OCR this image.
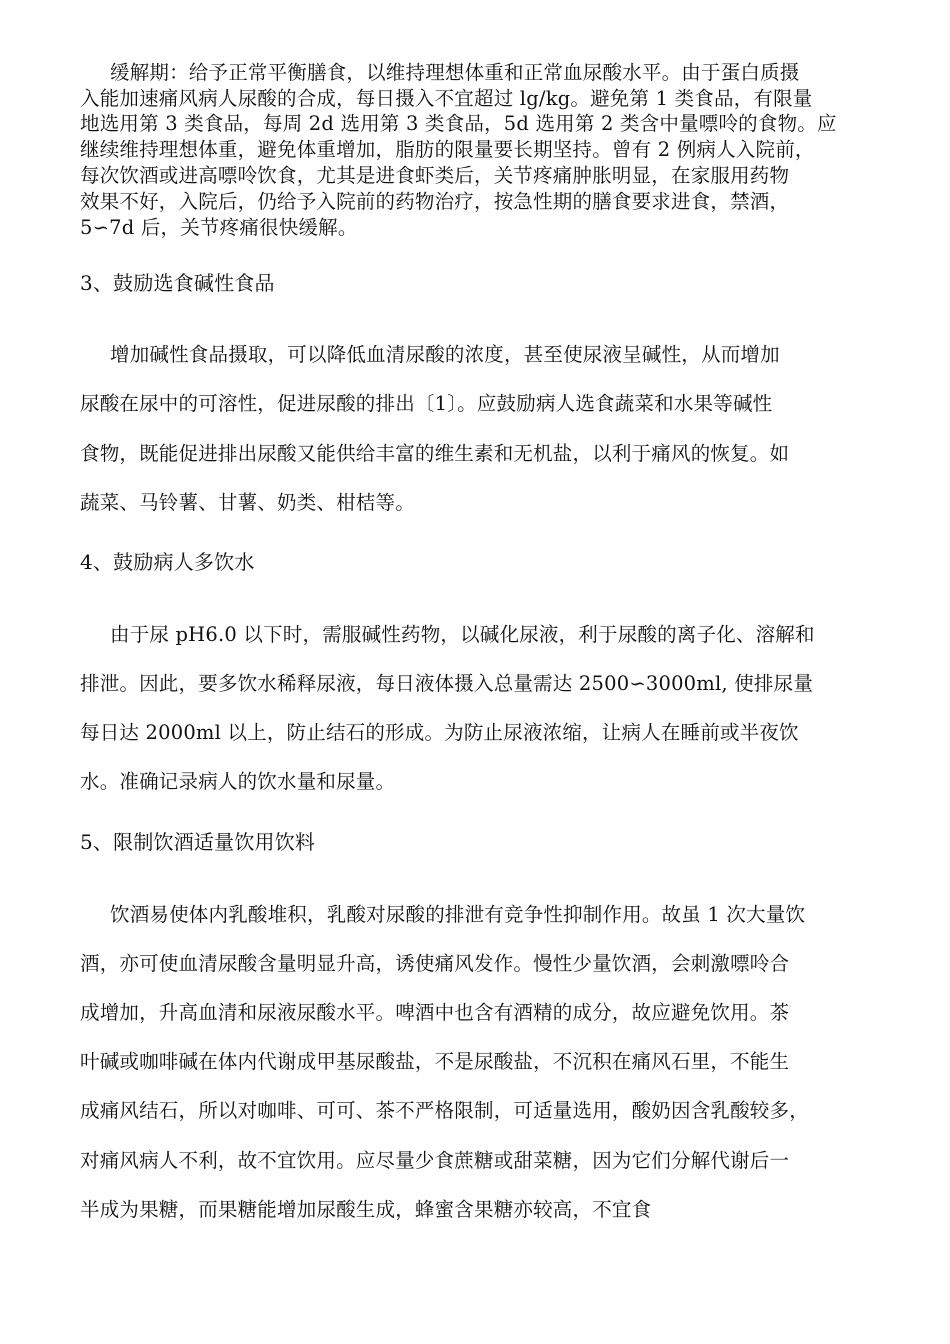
缓解期：给予正常平衡膳食，以维持理想体重和正常血尿酸水平。由于蛋白质摄
入能加速痛风病人尿酸的合成，每日摄入不宜超过 lg/kg。避免第 1 类食品，有限量
地选用第 3 类食品，每周 2d 选用第 3 类食品，5d 选用第 2 类含中量嘌呤的食物。应
继续维持理想体重，避免体重增加，脂肪的限量要长期坚持。曾有 2 例病人入院前，
每次饮酒或进高嘌呤饮食，尤其是进食虾类后，关节疼痛肿胀明显，在家服用药物
效果不好，入院后，仍给予入院前的药物治疗，按急性期的膳食要求进食，禁酒，
5∽7d 后，关节疼痛很快缓解。
3、鼓励选食碱性食品
增加碱性食品摄取，可以降低血清尿酸的浓度，甚至使尿液呈碱性，从而增加
尿酸在尿中的可溶性，促进尿酸的排出〔1〕。应鼓励病人选食蔬菜和水果等碱性
食物，既能促进排出尿酸又能供给丰富的维生素和无机盐，以利于痛风的恢复。如
蔬菜、马铃薯、甘薯、奶类、柑桔等。
4、鼓励病人多饮水
由于尿 pH6.0 以下时，需服碱性药物，以碱化尿液，利于尿酸的离子化、溶解和
排泄。因此，要多饮水稀释尿液，每日液体摄入总量需达 2500∽3000ml, 使排尿量
每日达 2000ml 以上，防止结石的形成。为防止尿液浓缩，让病人在睡前或半夜饮
水。准确记录病人的饮水量和尿量。
5、限制饮酒适量饮用饮料
饮酒易使体内乳酸堆积，乳酸对尿酸的排泄有竞争性抑制作用。故虽 1 次大量饮
酒，亦可使血清尿酸含量明显升高，诱使痛风发作。慢性少量饮酒，会刺激嘌呤合
成增加，升高血清和尿液尿酸水平。啤酒中也含有酒精的成分，故应避免饮用。茶
叶碱或咖啡碱在体内代谢成甲基尿酸盐，不是尿酸盐，不沉积在痛风石里，不能生
成痛风结石，所以对咖啡、可可、茶不严格限制，可适量选用，酸奶因含乳酸较多，
对痛风病人不利，故不宜饮用。应尽量少食蔗糖或甜菜糖，因为它们分解代谢后一
半成为果糖，而果糖能增加尿酸生成，蜂蜜含果糖亦较高，不宜食
